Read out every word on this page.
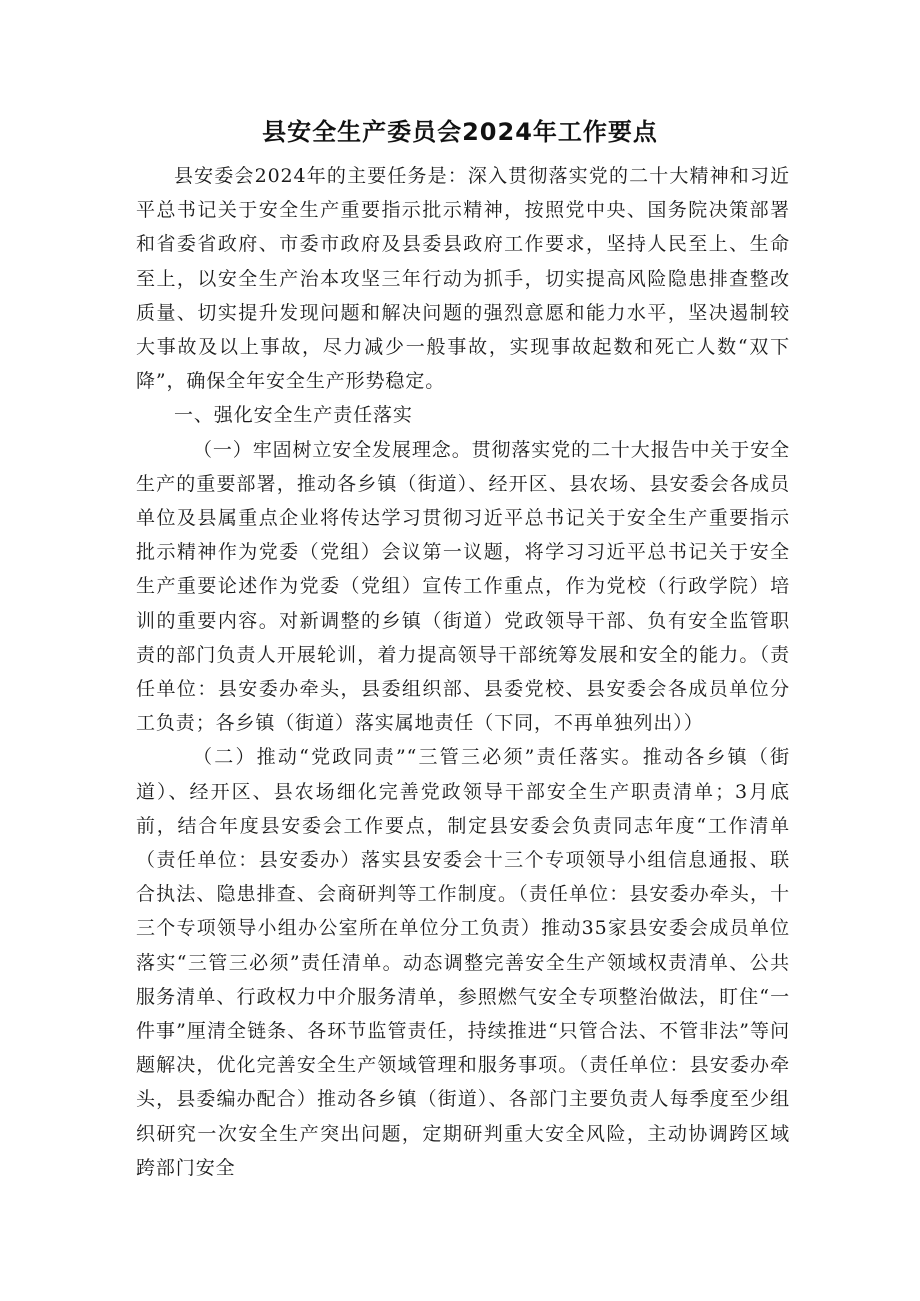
县安全生产委员会2024年工作要点

县安委会2024年的主要任务是：深入贯彻落实党的二十大精神和习近平总书记关于安全生产重要指示批示精神，按照党中央、国务院决策部署和省委省政府、市委市政府及县委县政府工作要求，坚持人民至上、生命至上，以安全生产治本攻坚三年行动为抓手，切实提高风险隐患排查整改质量、切实提升发现问题和解决问题的强烈意愿和能力水平，坚决遏制较大事故及以上事故，尽力减少一般事故，实现事故起数和死亡人数“双下降”，确保全年安全生产形势稳定。

一、强化安全生产责任落实

（一）牢固树立安全发展理念。贯彻落实党的二十大报告中关于安全生产的重要部署，推动各乡镇（街道）、经开区、县农场、县安委会各成员单位及县属重点企业将传达学习贯彻习近平总书记关于安全生产重要指示批示精神作为党委（党组）会议第一议题，将学习习近平总书记关于安全生产重要论述作为党委（党组）宣传工作重点，作为党校（行政学院）培训的重要内容。对新调整的乡镇（街道）党政领导干部、负有安全监管职责的部门负责人开展轮训，着力提高领导干部统筹发展和安全的能力。（责任单位：县安委办牵头，县委组织部、县委党校、县安委会各成员单位分工负责；各乡镇（街道）落实属地责任（下同，不再单独列出））

（二）推动“党政同责”“三管三必须”责任落实。推动各乡镇（街道）、经开区、县农场细化完善党政领导干部安全生产职责清单；3月底前，结合年度县安委会工作要点，制定县安委会负责同志年度“工作清单（责任单位：县安委办）落实县安委会十三个专项领导小组信息通报、联合执法、隐患排查、会商研判等工作制度。（责任单位：县安委办牵头，十三个专项领导小组办公室所在单位分工负责）推动35家县安委会成员单位落实“三管三必须”责任清单。动态调整完善安全生产领域权责清单、公共服务清单、行政权力中介服务清单，参照燃气安全专项整治做法，盯住“一件事”厘清全链条、各环节监管责任，持续推进“只管合法、不管非法”等问题解决，优化完善安全生产领域管理和服务事项。（责任单位：县安委办牵头，县委编办配合）推动各乡镇（街道）、各部门主要负责人每季度至少组织研究一次安全生产突出问题，定期研判重大安全风险，主动协调跨区域跨部门安全
